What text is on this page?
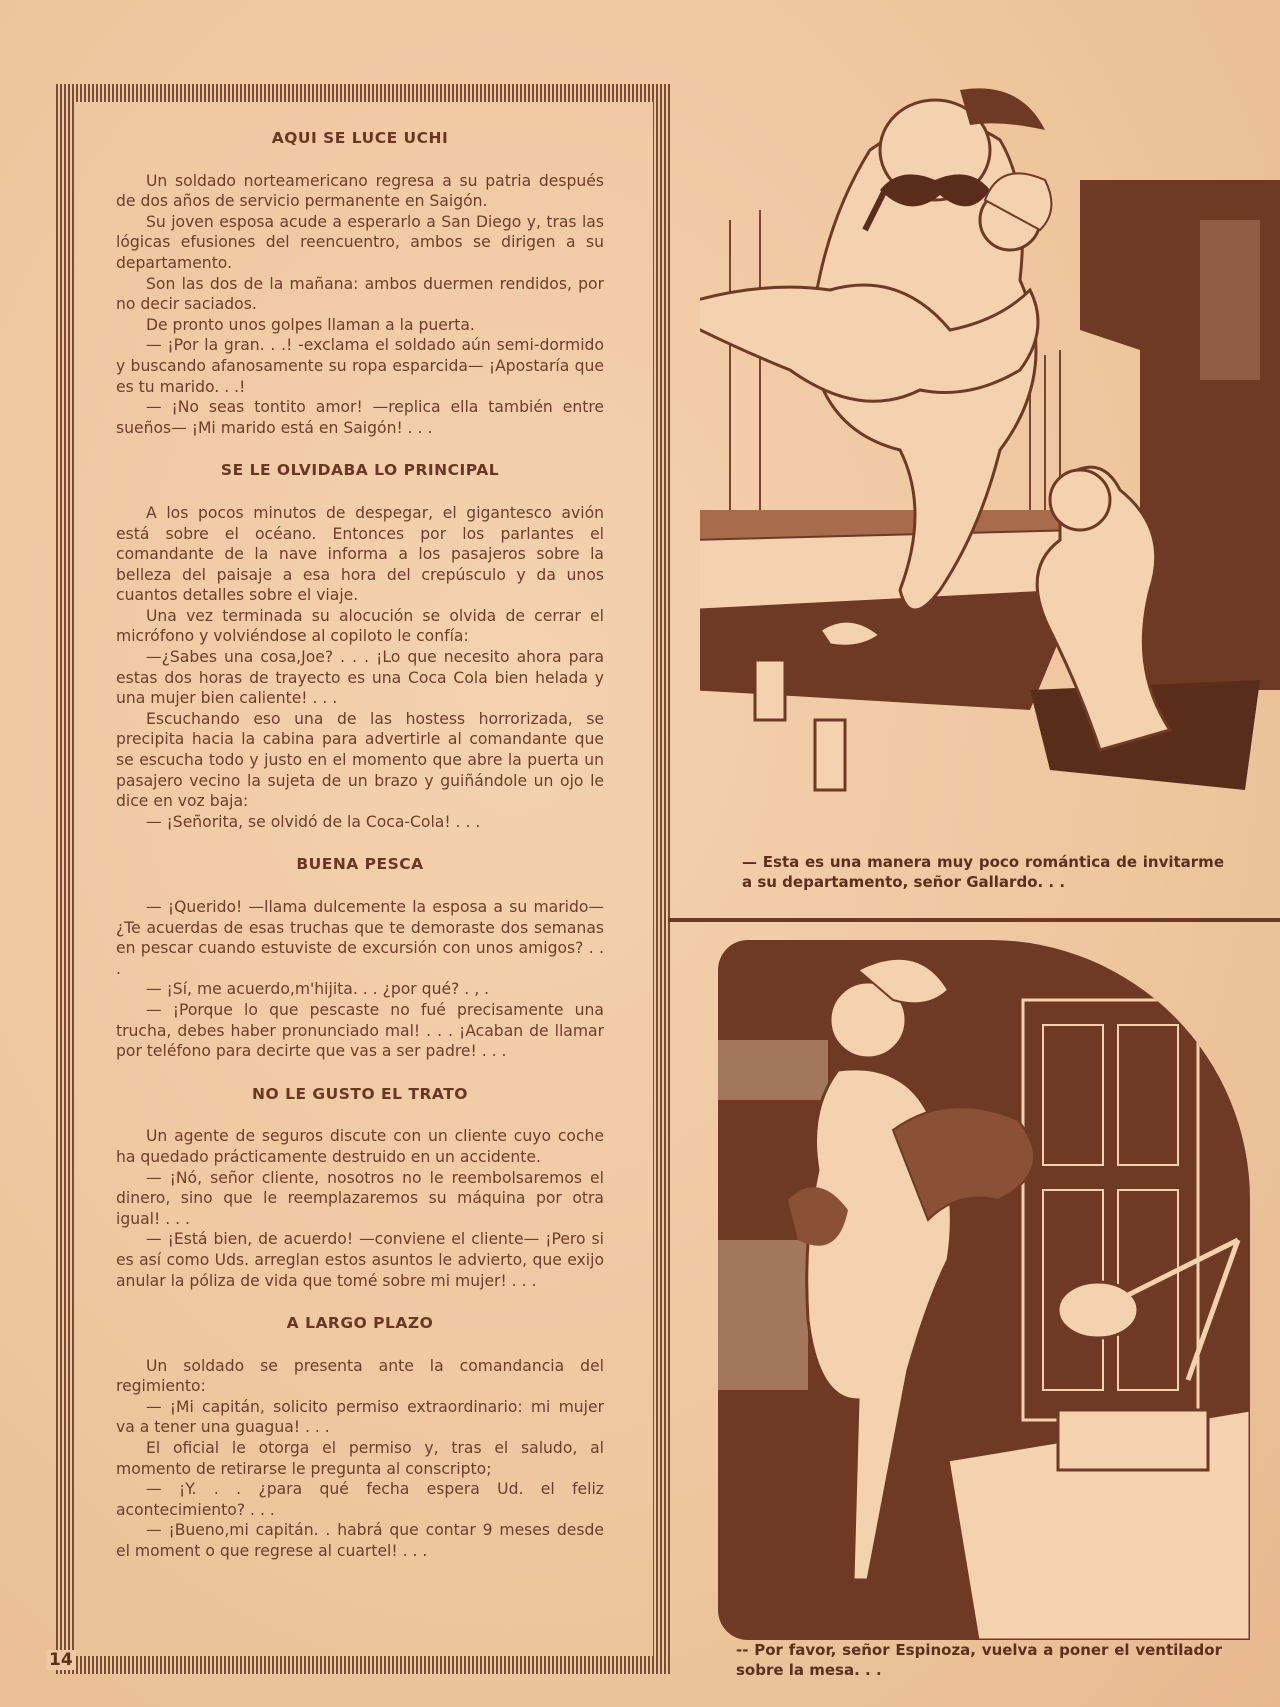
AQUI SE LUCE UCHI

Un soldado norteamericano regresa a su patria después de dos años de servicio permanente en Saigón.

Su joven esposa acude a esperarlo a San Diego y, tras las lógicas efusiones del reencuentro, ambos se dirigen a su departamento.

Son las dos de la mañana: ambos duermen rendidos, por no decir saciados.

De pronto unos golpes llaman a la puerta.

— ¡Por la gran. . .! -exclama el soldado aún semi-dormido y buscando afanosamente su ropa esparcida— ¡Apostaría que es tu marido. . .!

— ¡No seas tontito amor! —replica ella también entre sueños— ¡Mi marido está en Saigón! . . .

SE LE OLVIDABA LO PRINCIPAL

A los pocos minutos de despegar, el gigantesco avión está sobre el océano. Entonces por los parlantes el comandante de la nave informa a los pasajeros sobre la belleza del paisaje a esa hora del crepúsculo y da unos cuantos detalles sobre el viaje.

Una vez terminada su alocución se olvida de cerrar el micrófono y volviéndose al copiloto le confía:

—¿Sabes una cosa,Joe? . . . ¡Lo que necesito ahora para estas dos horas de trayecto es una Coca Cola bien helada y una mujer bien caliente! . . .

Escuchando eso una de las hostess horrorizada, se precipita hacia la cabina para advertirle al comandante que se escucha todo y justo en el momento que abre la puerta un pasajero vecino la sujeta de un brazo y guiñándole un ojo le dice en voz baja:

— ¡Señorita, se olvidó de la Coca-Cola! . . .

BUENA PESCA

— ¡Querido! —llama dulcemente la esposa a su marido— ¿Te acuerdas de esas truchas que te demoraste dos semanas en pescar cuando estuviste de excursión con unos amigos? . . .

— ¡Sí, me acuerdo,m'hijita. . . ¿por qué? . , .

— ¡Porque lo que pescaste no fué precisamente una trucha, debes haber pronunciado mal! . . . ¡Acaban de llamar por teléfono para decirte que vas a ser padre! . . .

NO LE GUSTO EL TRATO

Un agente de seguros discute con un cliente cuyo coche ha quedado prácticamente destruido en un accidente.

— ¡Nó, señor cliente, nosotros no le reembolsaremos el dinero, sino que le reemplazaremos su máquina por otra igual! . . .

— ¡Está bien, de acuerdo! —conviene el cliente— ¡Pero si es así como Uds. arreglan estos asuntos le advierto, que exijo anular la póliza de vida que tomé sobre mi mujer! . . .

A LARGO PLAZO

Un soldado se presenta ante la comandancia del regimiento:

— ¡Mi capitán, solicito permiso extraordinario: mi mujer va a tener una guagua! . . .

El oficial le otorga el permiso y, tras el saludo, al momento de retirarse le pregunta al conscripto;

— ¡Y. . . ¿para qué fecha espera Ud. el feliz acontecimiento? . . .

— ¡Bueno,mi capitán. . habrá que contar 9 meses desde el moment o que regrese al cuartel! . . .

14
— Esta es una manera muy poco romántica de invitarme a su departamento, señor Gallardo. . .
-- Por favor, señor Espinoza, vuelva a poner el ventilador sobre la mesa. . .
